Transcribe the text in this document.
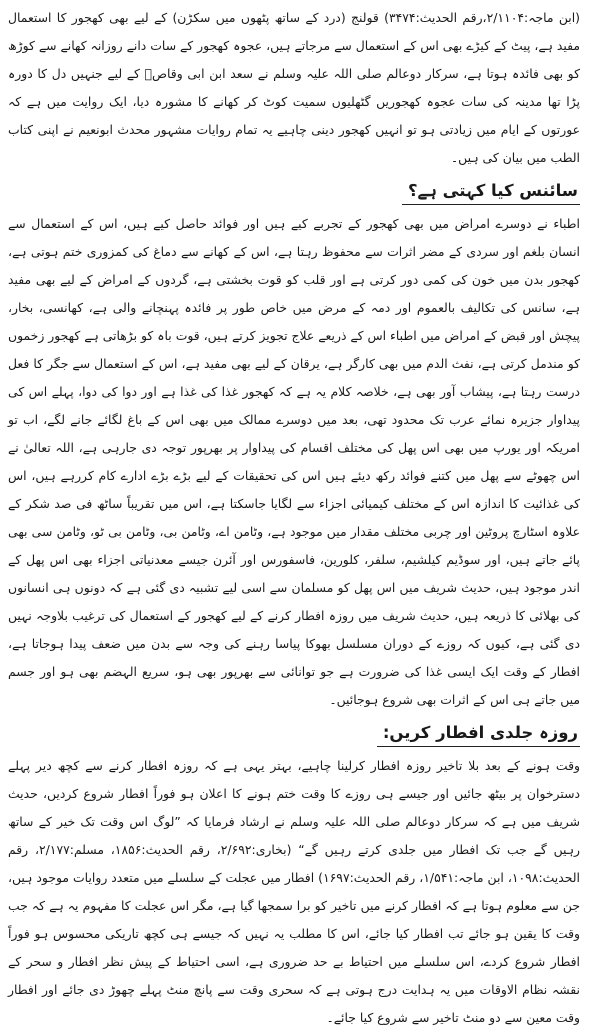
(ابن ماجہ:۲/۱۱۰۴،رقم الحدیث:۳۴۷۴) قولنج (درد کے ساتھ پٹھوں میں سکڑن) کے لیے بھی کھجور کا استعمال مفید ہے، پیٹ کے کیڑے بھی اس کے استعمال سے مرجاتے ہیں، عجوہ کھجور کے سات دانے روزانہ کھانے سے کوڑھ کو بھی فائدہ ہوتا ہے، سرکار دوعالم صلی اللہ علیہ وسلم نے سعد ابن ابی وقاصؓ کے لیے جنہیں دل کا دورہ پڑا تھا مدینہ کی سات عجوہ کھجوریں گٹھلیوں سمیت کوٹ کر کھانے کا مشورہ دیا، ایک روایت میں ہے کہ عورتوں کے ایام میں زیادتی ہو تو انہیں کھجور دینی چاہیے یہ تمام روایات مشہور محدث ابونعیم نے اپنی کتاب الطب میں بیان کی ہیں۔

سائنس کیا کہتی ہے؟

اطباء نے دوسرے امراض میں بھی کھجور کے تجربے کیے ہیں اور فوائد حاصل کیے ہیں، اس کے استعمال سے انسان بلغم اور سردی کے مضر اثرات سے محفوظ رہتا ہے، اس کے کھانے سے دماغ کی کمزوری ختم ہوتی ہے، کھجور بدن میں خون کی کمی دور کرتی ہے اور قلب کو قوت بخشتی ہے، گردوں کے امراض کے لیے بھی مفید ہے، سانس کی تکالیف بالعموم اور دمہ کے مرض میں خاص طور پر فائدہ پہنچانے والی ہے، کھانسی، بخار، پیچش اور قبض کے امراض میں اطباء اس کے ذریعے علاج تجویز کرتے ہیں، قوت باہ کو بڑھاتی ہے کھجور زخموں کو مندمل کرتی ہے، نفث الدم میں بھی کارگر ہے، یرقان کے لیے بھی مفید ہے، اس کے استعمال سے جگر کا فعل درست رہتا ہے، پیشاب آور بھی ہے، خلاصہ کلام یہ ہے کہ کھجور غذا کی غذا ہے اور دوا کی دوا، پہلے اس کی پیداوار جزیرہ نمائے عرب تک محدود تھی، بعد میں دوسرے ممالک میں بھی اس کے باغ لگائے جانے لگے، اب تو امریکہ اور یورپ میں بھی اس پھل کی مختلف اقسام کی پیداوار پر بھرپور توجہ دی جارہی ہے، اللہ تعالیٰ نے اس چھوٹے سے پھل میں کتنے فوائد رکھ دیئے ہیں اس کی تحقیقات کے لیے بڑے بڑے ادارے کام کررہے ہیں، اس کی غذائیت کا اندازہ اس کے مختلف کیمیائی اجزاء سے لگایا جاسکتا ہے، اس میں تقریباً ساٹھ فی صد شکر کے علاوہ اسٹارچ پروٹین اور چربی مختلف مقدار میں موجود ہے، وٹامن اے، وٹامن بی، وٹامن بی ٹو، وٹامن سی بھی پائے جاتے ہیں، اور سوڈیم کیلشیم، سلفر، کلورین، فاسفورس اور آئرن جیسے معدنیاتی اجزاء بھی اس پھل کے اندر موجود ہیں، حدیث شریف میں اس پھل کو مسلمان سے اسی لیے تشبیہ دی گئی ہے کہ دونوں ہی انسانوں کی بھلائی کا ذریعہ ہیں، حدیث شریف میں روزہ افطار کرنے کے لیے کھجور کے استعمال کی ترغیب بلاوجہ نہیں دی گئی ہے، کیوں کہ روزے کے دوران مسلسل بھوکا پیاسا رہنے کی وجہ سے بدن میں ضعف پیدا ہوجاتا ہے، افطار کے وقت ایک ایسی غذا کی ضرورت ہے جو توانائی سے بھرپور بھی ہو، سریع الہضم بھی ہو اور جسم میں جاتے ہی اس کے اثرات بھی شروع ہوجائیں۔

روزہ جلدی افطار کریں:

وقت ہونے کے بعد بلا تاخیر روزہ افطار کرلینا چاہیے، بہتر یہی ہے کہ روزہ افطار کرنے سے کچھ دیر پہلے دسترخوان پر بیٹھ جائیں اور جیسے ہی روزے کا وقت ختم ہونے کا اعلان ہو فوراً افطار شروع کردیں، حدیث شریف میں ہے کہ سرکار دوعالم صلی اللہ علیہ وسلم نے ارشاد فرمایا کہ ”لوگ اس وقت تک خیر کے ساتھ رہیں گے جب تک افطار میں جلدی کرتے رہیں گے“ (بخاری:۲/۶۹۲، رقم الحدیث:۱۸۵۶، مسلم:۲/۱۷۷، رقم الحدیث:۱۰۹۸، ابن ماجہ:۱/۵۴۱، رقم الحدیث:۱۶۹۷) افطار میں عجلت کے سلسلے میں متعدد روایات موجود ہیں، جن سے معلوم ہوتا ہے کہ افطار کرنے میں تاخیر کو برا سمجھا گیا ہے، مگر اس عجلت کا مفہوم یہ ہے کہ جب وقت کا یقین ہو جائے تب افطار کیا جائے، اس کا مطلب یہ نہیں کہ جیسے ہی کچھ تاریکی محسوس ہو فوراً افطار شروع کردے، اس سلسلے میں احتیاط بے حد ضروری ہے، اسی احتیاط کے پیش نظر افطار و سحر کے نقشہ نظام الاوقات میں یہ ہدایت درج ہوتی ہے کہ سحری وقت سے پانچ منٹ پہلے چھوڑ دی جائے اور افطار وقت معین سے دو منٹ تاخیر سے شروع کیا جائے۔
